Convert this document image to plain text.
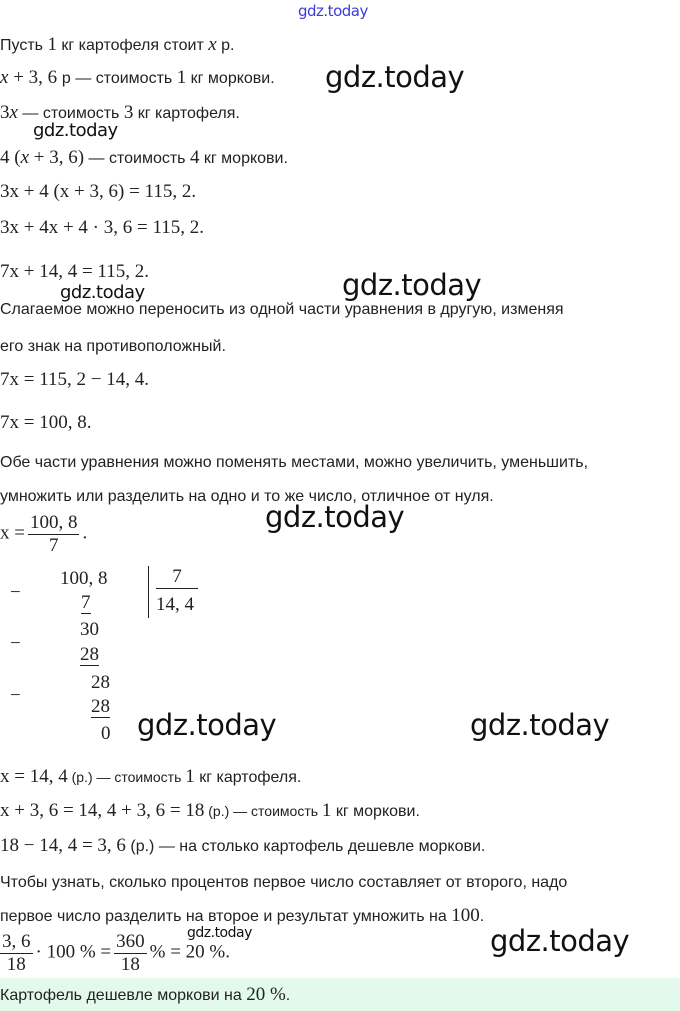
gdz.today
Пусть 1 кг картофеля стоит x р.
x + 3, 6 р — стоимость 1 кг моркови. gdz.today
3x — стоимость 3 кг картофеля.
gdz.today
4 (x + 3, 6) — стоимость 4 кг моркови.
3x + 4 (x + 3, 6) = 115, 2.
3x + 4x + 4 · 3, 6 = 115, 2.
7x + 14, 4 = 115, 2.
gdz.today	gdz.today
Слагаемое можно переносить из одной части уравнения в другую, изменяя
его знак на противоположный.
7x = 115, 2 − 14, 4.
7x = 100, 8.
Обе части уравнения можно поменять местами, можно увеличить, уменьшить,
умножить или разделить на одно и то же число, отличное от нуля.
$x = \frac{100, 8}{7}$ .	gdz.today
−
100, 8	7
14, 4
7
30
−
28
28
−
28
0 gdz.today	gdz.today
x = 14, 4 (р.) — стоимость 1 кг картофеля.
x + 3, 6 = 14, 4 + 3, 6 = 18 (р.) — стоимость 1 кг моркови.
18 − 14, 4 = 3, 6 (р.) — на столько картофель дешевле моркови.
Чтобы узнать, сколько процентов первое число составляет от второго, надо
первое число разделить на второе и результат умножить на 100.
$\frac{3, 6}{18} \cdot 100$ % = $\frac{360}{18}$ % = 20 %.
gdz.today	gdz.today
Картофель дешевле моркови на 20 %.
